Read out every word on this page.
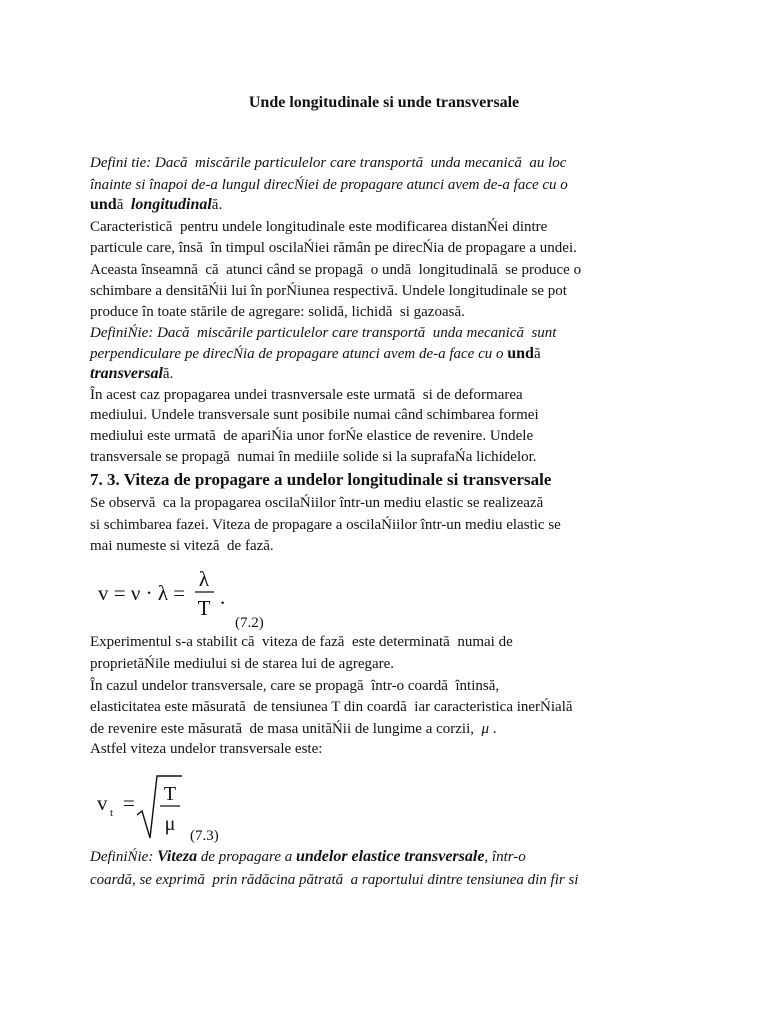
Unde longitudinale si unde transversale
Defini tie: Dacă  miscările particulelor care transportă  unda mecanică  au loc
înainte si înapoi de-a lungul direcŃiei de propagare atunci avem de-a face cu o
undă  longitudinală.
Caracteristică  pentru undele longitudinale este modificarea distanŃei dintre
particule care, însă  în timpul oscilaŃiei rămân pe direcŃia de propagare a undei.
Aceasta înseamnă  că  atunci când se propagă  o undă  longitudinală  se produce o
schimbare a densităŃii lui în porŃiunea respectivă. Undele longitudinale se pot
produce în toate stările de agregare: solidă, lichidă  si gazoasă.
DefiniŃie: Dacă  miscările particulelor care transportă  unda mecanică  sunt
perpendiculare pe direcŃia de propagare atunci avem de-a face cu o undă
transversală.
În acest caz propagarea undei trasnversale este urmată  si de deformarea
mediului. Undele transversale sunt posibile numai când schimbarea formei
mediului este urmată  de apariŃia unor forŃe elastice de revenire. Undele
transversale se propagă  numai în mediile solide si la suprafaŃa lichidelor.
7. 3. Viteza de propagare a undelor longitudinale si transversale
Se observă  ca la propagarea oscilaŃiilor într-un mediu elastic se realizează
si schimbarea fazei. Viteza de propagare a oscilaŃiilor într-un mediu elastic se
mai numeste si viteză  de fază.
v = ν · λ =
λ
T .
(7.2)
Experimentul s-a stabilit că  viteza de fază  este determinată  numai de
proprietăŃile mediului si de starea lui de agregare.
În cazul undelor transversale, care se propagă  într-o coardă  întinsă,
elasticitatea este măsurată  de tensiunea T din coardă  iar caracteristica inerŃială
de revenire este măsurată  de masa unităŃii de lungime a corzii,  μ .
Astfel viteza undelor transversale este:
v t = T
μ
(7.3)
DefiniŃie: Viteza de propagare a undelor elastice transversale, într-o
coardă, se exprimă  prin rădăcina pătrată  a raportului dintre tensiunea din fir si
